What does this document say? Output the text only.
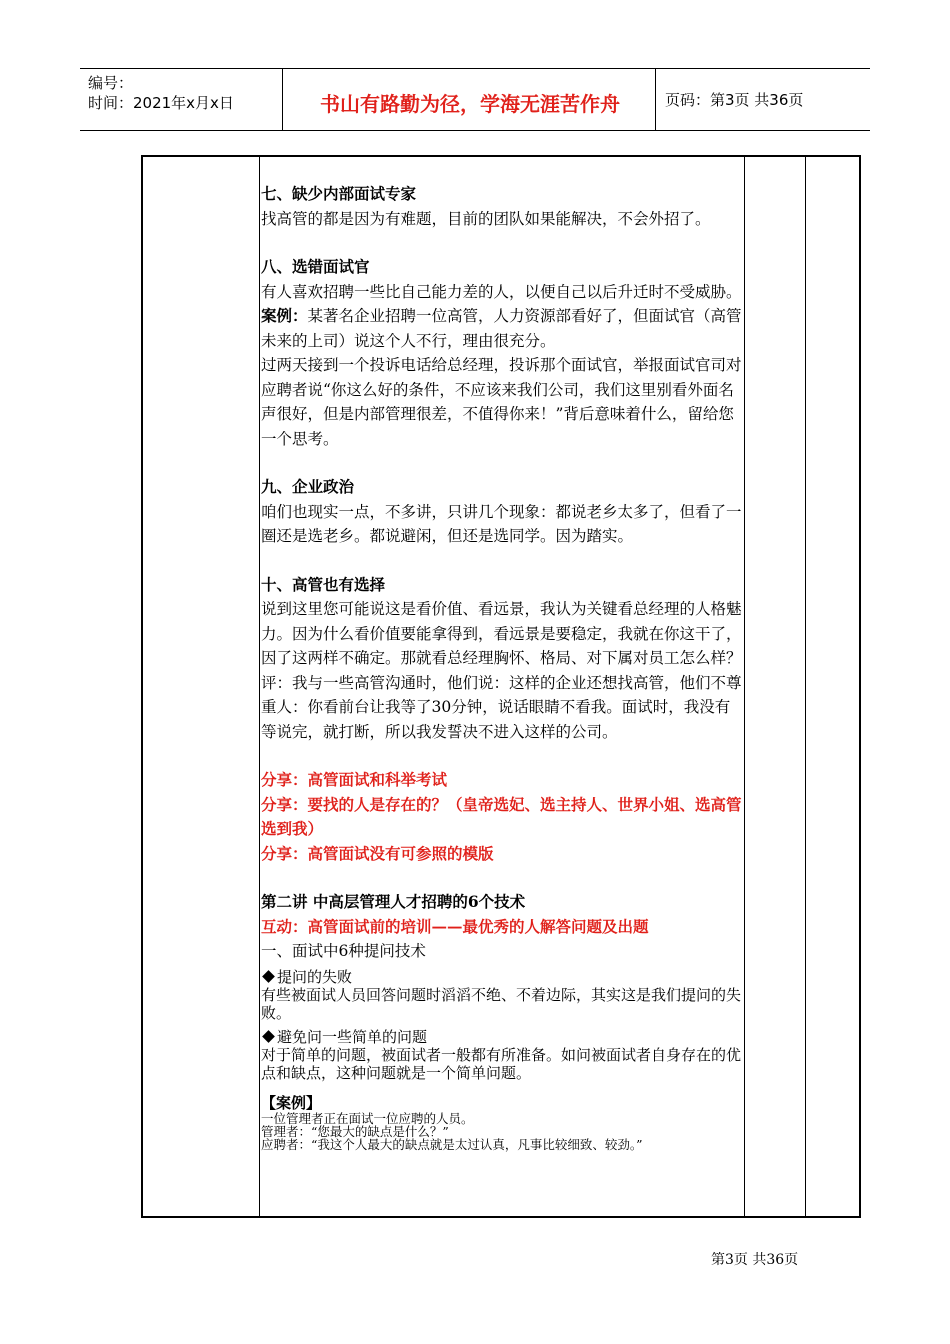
编号：
时间：2021年x月x日	书山有路勤为径，学海无涯苦作舟	页码：第3页 共36页

七、缺少内部面试专家

找高管的都是因为有难题，目前的团队如果能解决，不会外招了。

八、选错面试官

有人喜欢招聘一些比自己能力差的人，以便自己以后升迁时不受威胁。

案例：某著名企业招聘一位高管，人力资源部看好了，但面试官（高管未来的上司）说这个人不行，理由很充分。

过两天接到一个投诉电话给总经理，投诉那个面试官，举报面试官司对应聘者说“你这么好的条件，不应该来我们公司，我们这里别看外面名声很好，但是内部管理很差，不值得你来！”背后意味着什么，留给您一个思考。

九、企业政治

咱们也现实一点，不多讲，只讲几个现象：都说老乡太多了，但看了一圈还是选老乡。都说避闲，但还是选同学。因为踏实。

十、高管也有选择

说到这里您可能说这是看价值、看远景，我认为关键看总经理的人格魅力。因为什么看价值要能拿得到，看远景是要稳定，我就在你这干了，因了这两样不确定。那就看总经理胸怀、格局、对下属对员工怎么样？

评：我与一些高管沟通时，他们说：这样的企业还想找高管，他们不尊重人：你看前台让我等了30分钟，说话眼睛不看我。面试时，我没有等说完，就打断，所以我发誓决不进入这样的公司。

分享：高管面试和科举考试

分享：要找的人是存在的？（皇帝选妃、选主持人、世界小姐、选高管选到我）

分享：高管面试没有可参照的模版

第二讲 中高层管理人才招聘的6个技术

互动：高管面试前的培训——最优秀的人解答问题及出题

一、面试中6种提问技术

提问的失败
有些被面试人员回答问题时滔滔不绝、不着边际，其实这是我们提问的失败。
避免问一些简单的问题
对于简单的问题，被面试者一般都有所准备。如问被面试者自身存在的优点和缺点，这种问题就是一个简单问题。
【案例】
一位管理者正在面试一位应聘的人员。
管理者：“您最大的缺点是什么？”
应聘者：“我这个人最大的缺点就是太过认真，凡事比较细致、较劲。”
第3页 共36页
